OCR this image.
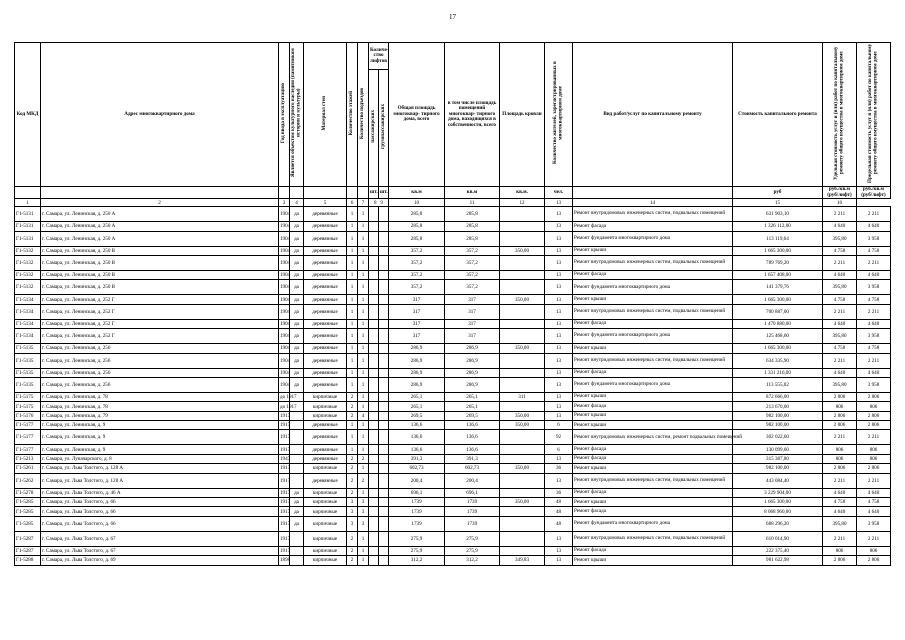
17
Код МКД	Адрес многоквартирного дома	Год ввода в эксплуатацию	Является объектом культурного наследия (памятником истории и культуры)	Материал стен	Количество этажей	Количество подъездов	Количе- ство лифтов		Общая площадь многоквар- тирного дома, всего	в том числе площадь помещений многоквар- тирного дома, находящихся в собственности, всего	Площадь кровли	Количество жителей, зарегистрированных в многоквартирном доме	Вид работ/услуг по капитальному ремонту	Стоимость капитального ремонта	Удельная стоимость услуг и (или) работ по капитальному ремонту общего имущества в многоквартирном доме	Предельная стоимость услуг и (или) работ по капитальному ремонту общего имущества в многоквартирном доме
							пассажирских	грузопассажирских								
							шт.	шт.	кв.м	кв.м	кв.м.	чел.		руб	руб./кв.м (руб/лифт)	руб./кв.м (руб/лифт)
1	2	3	4	5	6	7	8 9		10	11	12	13	14	15	16
Г1-5131	г. Самара, ул. Ленинская, д. 250 А	1904	да	деревянные	1	1			285,8	285,8		13	Ремонт внутридомовых инженерных систем, подвальных помещений	631 903,10	2 211	2 211
Г1-5131	г. Самара, ул. Ленинская, д. 250 А	1904	да	деревянные	1	1			285,8	285,8		13	Ремонт фасада	1 326 112,00	4 640	4 640
Г1-5131	г. Самара, ул. Ленинская, д. 250 А	1904	да	деревянные	1	1			285,8	285,8		13	Ремонт фундамента многоквартирного дома	113 119,64	395,80	3 958
Г1-5132	г. Самара, ул. Ленинская, д. 250 В	1904	да	деревянные	1	1			357,2	357,2	350,00	13	Ремонт крыши	1 665 300,00	4 758	4 758
Г1-5132	г. Самара, ул. Ленинская, д. 250 В	1904	да	деревянные	1	1			357,2	357,2		13	Ремонт внутридомовых инженерных систем, подвальных помещений	789 769,20	2 211	2 211
Г1-5132	г. Самара, ул. Ленинская, д. 250 В	1904	да	деревянные	1	1			357,2	357,2		13	Ремонт фасада	1 657 408,00	4 640	4 640
Г1-5132	г. Самара, ул. Ленинская, д. 250 В	1904	да	деревянные	1	1			357,2	357,2		13	Ремонт фундамента многоквартирного дома	141 379,76	395,80	3 958
Г1-5134	г. Самара, ул. Ленинская, д. 252 Г	1904	да	деревянные	1	1			317	317	350,00	13	Ремонт крыши	1 665 300,00	4 758	4 758
Г1-5134	г. Самара, ул. Ленинская, д. 252 Г	1904	да	деревянные	1	1			317	317		13	Ремонт внутридомовых инженерных систем, подвальных помещений	700 887,00	2 211	2 211
Г1-5134	г. Самара, ул. Ленинская, д. 252 Г	1904	да	деревянные	1	1			317	317		13	Ремонт фасада	1 470 880,00	4 640	4 640
Г1-5134	г. Самара, ул. Ленинская, д. 252 Г	1904	да	деревянные	1	1			317	317		13	Ремонт фундамента многоквартирного дома	125 468,60	395,80	3 958
Г1-5135	г. Самара, ул. Ленинская, д. 256	1904	да	деревянные	1	1			286,9	286,9	350,00	13	Ремонт крыши	1 665 300,00	4 758	4 758
Г1-5135	г. Самара, ул. Ленинская, д. 256	1904	да	деревянные	1	1			286,9	286,9		13	Ремонт внутридомовых инженерных систем, подвальных помещений	634 335,90	2 211	2 211
Г1-5135	г. Самара, ул. Ленинская, д. 256	1904	да	деревянные	1	1			286,9	286,9		13	Ремонт фасада	1 331 216,00	4 640	4 640
Г1-5135	г. Самара, ул. Ленинская, д. 256	1904	да	деревянные	1	1			286,9	286,9		13	Ремонт фундамента многоквартирного дома	113 555,02	395,80	3 958
Г1-5175	г. Самара, ул. Ленинская, д. 78	до 1917		кирпичные	2	1			265,1	265,1	311	13	Ремонт крыши	872 666,00	2 806	2 806
Г1-5175	г. Самара, ул. Ленинская, д. 78	до 1917		кирпичные	2	1			265,1	265,1		13	Ремонт фасада	213 670,00	806	806
Г1-5176	г. Самара, ул. Ленинская, д. 79	1917		кирпичные	2	4			269,5	269,5	350,00	13	Ремонт крыши	982 100,00	2 806	2 806
Г1-5177	г. Самара, ул. Ленинская, д. 9	1917		деревянные	1	1			136,6	136,6	350,00	6	Ремонт крыши	982 100,00	2 806	2 806
Г1-5177	г. Самара, ул. Ленинская, д. 9	1917		деревянные	1	1			136,6	136,6		92	Ремонт внутридомовых инженерных систем, ремонт подвальных помещений	302 022,60	2 211	2 211
Г1-5177	г. Самара, ул. Ленинская, д. 9	1917		деревянные	1	1			136,6	136,6		6	Ремонт фасада	130 099,60	806	806
Г1-5213	г. Самара, ул. Луначарского, д. 8	1947		деревянные	2	2			391,3	391,3		13	Ремонт фасада	315 387,80	806	806
Г1-5261	г. Самара, ул. Льва Толстого, д. 128 А	1917		кирпичные	2	1			602,73	602,73	350,00	36	Ремонт крыши	982 100,00	2 806	2 806
Г1-5262	г. Самара, ул. Льва Толстого, д. 128 А	1917		деревянные	2	2			200,4	200,4		13	Ремонт внутридомовых инженерных систем, подвальных помещений	443 084,40	2 211	2 211
Г1-5278	г. Самара, ул. Льва Толстого, д. 46 А	1917	да	кирпичные	2	1			696,1	696,1		36	Ремонт фасада	3 229 904,00	4 640	4 640
Г1-5285	г. Самара, ул. Льва Толстого, д. 66	1917	да	кирпичные	3	3			1739	1739	350,00	48	Ремонт крыши	1 665 300,00	4 758	4 758
Г1-5285	г. Самара, ул. Льва Толстого, д. 66	1917	да	кирпичные	3	3			1739	1739		48	Ремонт фасада	8 068 960,00	4 640	4 640
Г1-5285	г. Самара, ул. Льва Толстого, д. 66	1917	да	кирпичные	3	3			1739	1739		48	Ремонт фундамента многоквартирного дома	688 296,20	395,80	3 958
Г1-5287	г. Самара, ул. Льва Толстого, д. 67	1917		кирпичные	2	1			275,9	275,9		13	Ремонт внутридомовых инженерных систем, подвальных помещений	610 014,90	2 211	2 211
Г1-5287	г. Самара, ул. Льва Толстого, д. 67	1917		кирпичные	2	1			275,9	275,9		13	Ремонт фасада	222 375,40	806	806
Г1-5288	г. Самара, ул. Льва Толстого, д. 69	1898		кирпичные	2	1			312,2	312,2	349,83	13	Ремонт крыши	981 622,98	2 806	2 806
